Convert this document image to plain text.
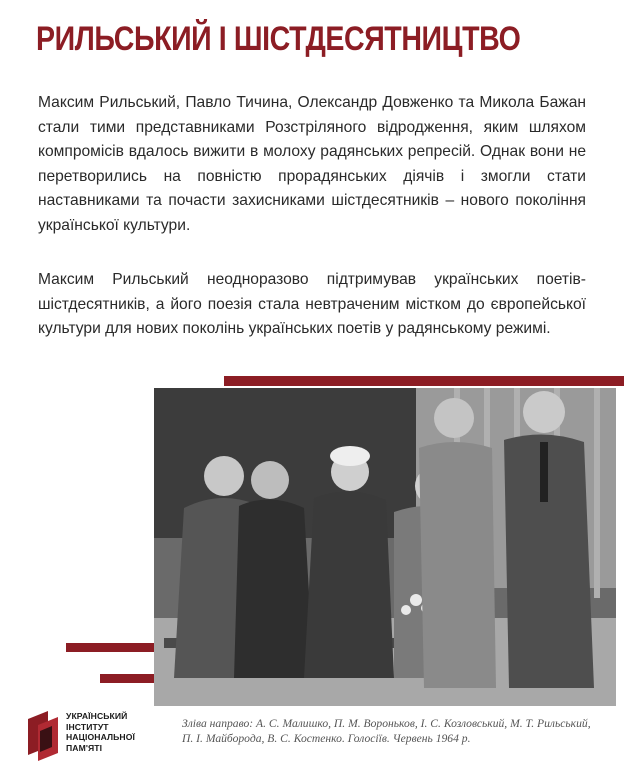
РИЛЬСЬКИЙ І ШІСТДЕСЯТНИЦТВО

Максим Рильський, Павло Тичина, Олександр Довженко та Микола Бажан стали тими представниками Розстріляного відродження, яким шляхом компромісів вдалось вижити в молоху радянських репресій. Однак вони не перетворились на повністю прорадянських діячів і змогли стати наставниками та почасти захисниками шістдесятників – нового покоління української культури.

Максим Рильський неодноразово підтримував українських поетів-шістдесятників, а його поезія стала невтраченим містком до європейської культури для нових поколінь українських поетів у радянському режимі.

УКРАЇНСЬКИЙ
ІНСТИТУТ
НАЦІОНАЛЬНОЇ
ПАМ'ЯТІ

Зліва направо: А. С. Малишко, П. М. Вороньков, І. С. Козловський, М. Т. Рильський, П. І. Майборода, В. С. Костенко. Голосіїв. Червень 1964 р.
